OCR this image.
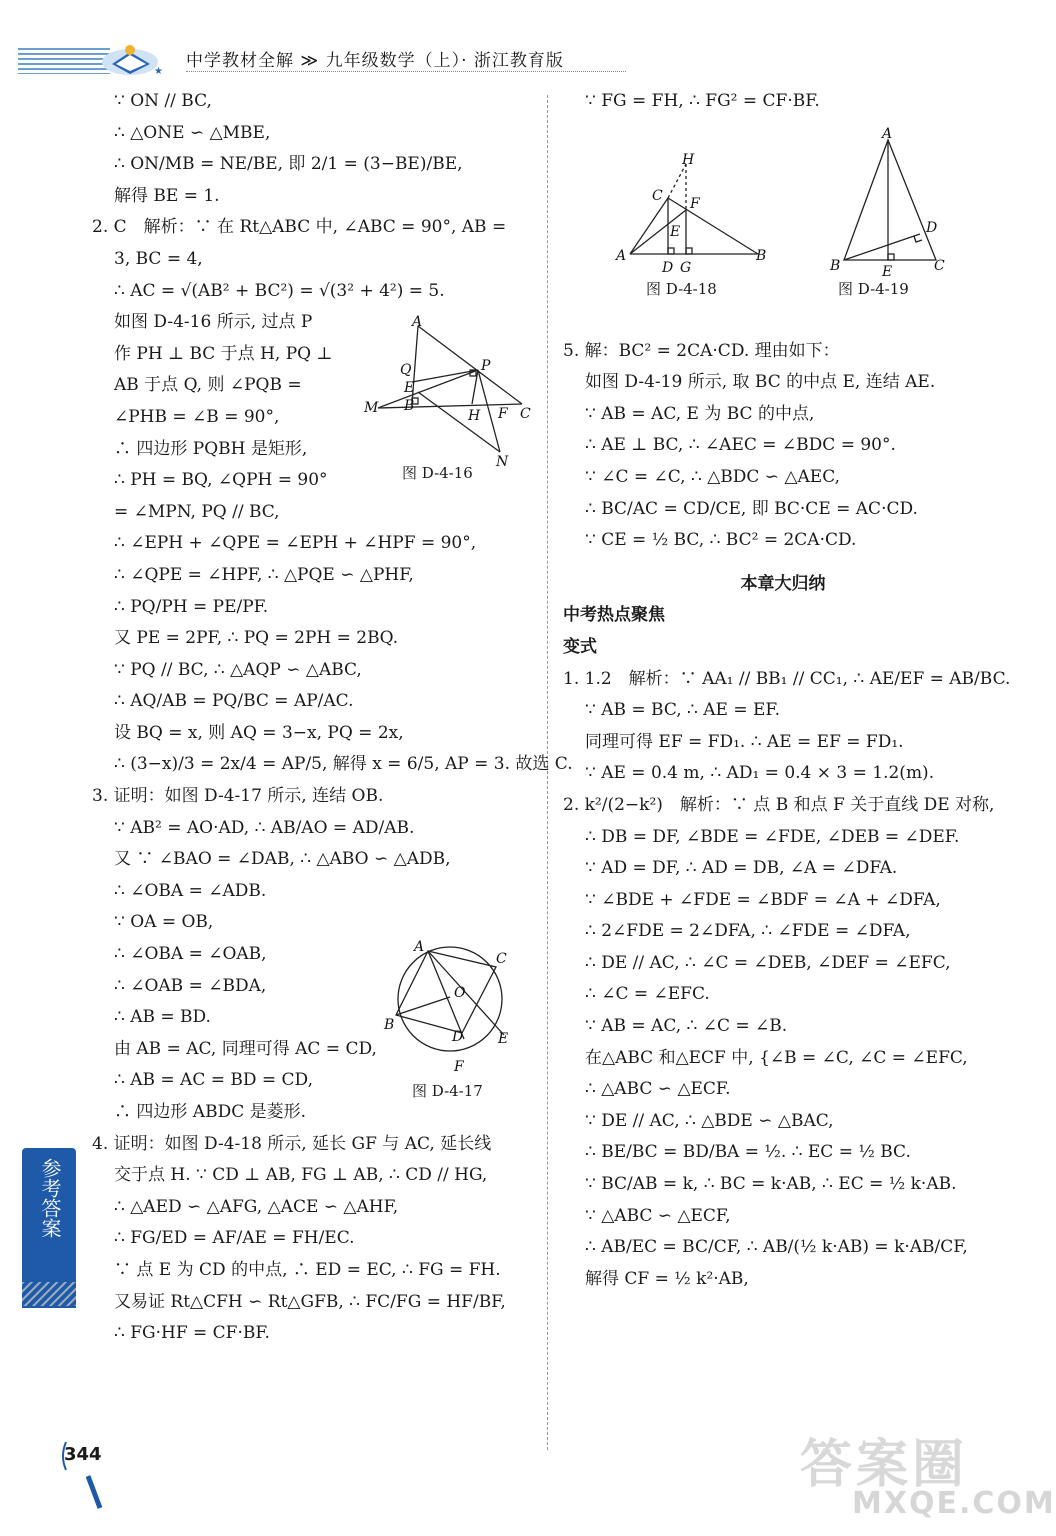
★
中学教材全解 ≫ 九年级数学（上）· 浙江教育版
∵ ON // BC,
∴ △ONE ∽ △MBE,
∴ ON/MB = NE/BE, 即 2/1 = (3−BE)/BE,
解得 BE = 1.
2. C　解析：∵ 在 Rt△ABC 中, ∠ABC = 90°, AB =
3, BC = 4,
∴ AC = √(AB² + BC²) = √(3² + 4²) = 5.
如图 D-4-16 所示, 过点 P
作 PH ⊥ BC 于点 H, PQ ⊥
AB 于点 Q, 则 ∠PQB =
∠PHB = ∠B = 90°,
∴ 四边形 PQBH 是矩形,
∴ PH = BQ, ∠QPH = 90°
= ∠MPN, PQ // BC,
∴ ∠EPH + ∠QPE = ∠EPH + ∠HPF = 90°,
∴ ∠QPE = ∠HPF, ∴ △PQE ∽ △PHF,
∴ PQ/PH = PE/PF.
又 PE = 2PF, ∴ PQ = 2PH = 2BQ.
∵ PQ // BC, ∴ △AQP ∽ △ABC,
∴ AQ/AB = PQ/BC = AP/AC.
设 BQ = x, 则 AQ = 3−x, PQ = 2x,
∴ (3−x)/3 = 2x/4 = AP/5, 解得 x = 6/5, AP = 3. 故选 C.
3. 证明：如图 D-4-17 所示, 连结 OB.
∵ AB² = AO·AD, ∴ AB/AO = AD/AB.
又 ∵ ∠BAO = ∠DAB, ∴ △ABO ∽ △ADB,
∴ ∠OBA = ∠ADB.
∵ OA = OB,
∴ ∠OBA = ∠OAB,
∴ ∠OAB = ∠BDA,
∴ AB = BD.
由 AB = AC, 同理可得 AC = CD,
∴ AB = AC = BD = CD,
∴ 四边形 ABDC 是菱形.
4. 证明：如图 D-4-18 所示, 延长 GF 与 AC, 延长线
交于点 H. ∵ CD ⊥ AB, FG ⊥ AB, ∴ CD // HG,
∴ △AED ∽ △AFG, △ACE ∽ △AHF,
∴ FG/ED = AF/AE = FH/EC.
∵ 点 E 为 CD 的中点, ∴ ED = EC, ∴ FG = FH.
又易证 Rt△CFH ∽ Rt△GFB, ∴ FC/FG = HF/BF,
∴ FG·HF = CF·BF.
∵ FG = FH, ∴ FG² = CF·BF.
5. 解：BC² = 2CA·CD. 理由如下：
如图 D-4-19 所示, 取 BC 的中点 E, 连结 AE.
∵ AB = AC, E 为 BC 的中点,
∴ AE ⊥ BC, ∴ ∠AEC = ∠BDC = 90°.
∵ ∠C = ∠C, ∴ △BDC ∽ △AEC,
∴ BC/AC = CD/CE, 即 BC·CE = AC·CD.
∵ CE = ½ BC, ∴ BC² = 2CA·CD.
本章大归纳
中考热点聚焦
变式
1. 1.2　解析：∵ AA₁ // BB₁ // CC₁, ∴ AE/EF = AB/BC.
∵ AB = BC, ∴ AE = EF.
同理可得 EF = FD₁. ∴ AE = EF = FD₁.
∵ AE = 0.4 m, ∴ AD₁ = 0.4 × 3 = 1.2(m).
2. k²/(2−k²)　解析：∵ 点 B 和点 F 关于直线 DE 对称,
∴ DB = DF, ∠BDE = ∠FDE, ∠DEB = ∠DEF.
∵ AD = DF, ∴ AD = DB, ∠A = ∠DFA.
∵ ∠BDE + ∠FDE = ∠BDF = ∠A + ∠DFA,
∴ 2∠FDE = 2∠DFA, ∴ ∠FDE = ∠DFA,
∴ DE // AC, ∴ ∠C = ∠DEB, ∠DEF = ∠EFC,
∴ ∠C = ∠EFC.
∵ AB = AC, ∴ ∠C = ∠B.
在△ABC 和△ECF 中, {∠B = ∠C, ∠C = ∠EFC,
∴ △ABC ∽ △ECF.
∵ DE // AC, ∴ △BDE ∽ △BAC,
∴ BE/BC = BD/BA = ½. ∴ EC = ½ BC.
∵ BC/AB = k, ∴ BC = k·AB, ∴ EC = ½ k·AB.
∵ △ABC ∽ △ECF,
∴ AB/EC = BC/CF, ∴ AB/(½ k·AB) = k·AB/CF,
解得 CF = ½ k²·AB,
A
Q	P
E
M B
H F C
N
图 D-4-16
A
C
O
B
D E
F
图 D-4-17
H
C F
E
A
D G
B
图 D-4-18
A
D
B	E	C
图 D-4-19
参考答案
344	答案圈
MXQE.COM
